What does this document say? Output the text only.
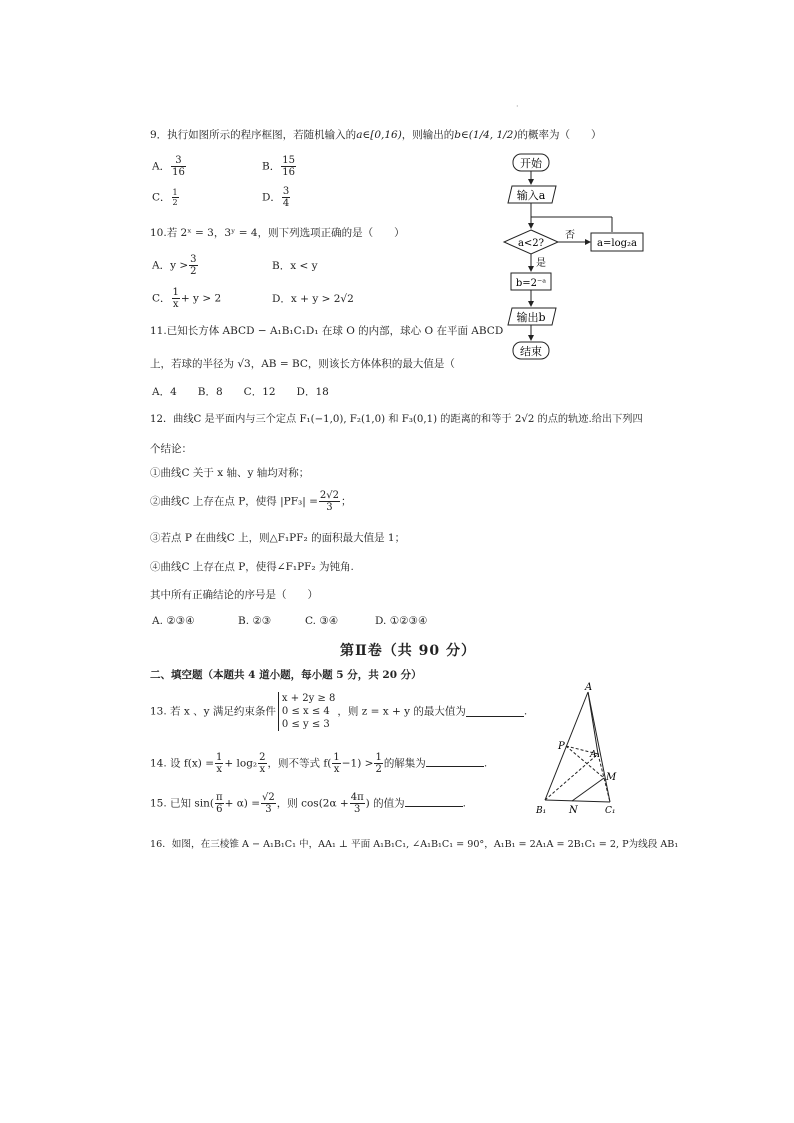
·
9．执行如图所示的程序框图，若随机输入的a∈[0,16)，则输出的b∈(1/4, 1/2)的概率为（　　）
A． $\frac{3}{16}$	B． $\frac{15}{16}$
C． $\frac{1}{2}$	D． $\frac{3}{4}$
开始
输入a
a<2?
否
a=log₂a
是
b=2⁻ᵃ
输出b
结束
10.若 2ˣ = 3，3ʸ = 4，则下列选项正确的是（　　）
A．$y > \frac{3}{2}$	B．x < y
C． $\frac{1}{x} + y > 2$	D．x + y > 2√2
11.已知长方体 ABCD − A₁B₁C₁D₁ 在球 O 的内部，球心 O 在平面 ABCD
上，若球的半径为 √3，AB = BC，则该长方体体积的最大值是（
A．4　　B．8　　C．12　　D．18
12．曲线C 是平面内与三个定点 F₁(−1,0), F₂(1,0) 和 F₃(0,1) 的距离的和等于 2√2 的点的轨迹.给出下列四
个结论：
①曲线C 关于 x 轴、y 轴均对称；
②曲线C 上存在点 P，使得 $|PF_3| = \frac{2√2}{3}$ ；
③若点 P 在曲线C 上，则△F₁PF₂ 的面积最大值是 1；
④曲线C 上存在点 P，使得∠F₁PF₂ 为钝角.
其中所有正确结论的序号是（　　）
A. ②③④	B. ②③	C. ③④	D. ①②③④
第Ⅱ卷（共 90 分）
二、填空题（本题共 4 道小题，每小题 5 分，共 20 分）
13. 若 x 、y 满足约束条件
x + 2y ≥ 8
0 ≤ x ≤ 4
0 ≤ y ≤ 3
，则 z = x + y 的最大值为	.
14. 设 $f(x) = \frac{1}{x} + \log_2 \frac{2}{x}$ ，则不等式 $f( \frac{1}{x} -1) > \frac{1}{2}$ 的解集为	.
15. 已知 $\sin( \frac{\pi}{6} + \alpha) = \frac{√2}{3}$ ，则 $\cos(2\alpha + \frac{4\pi}{3}$ ) 的值为	.
A
P
A₁
M
B₁ N	C₁
16．如图，在三棱锥 A − A₁B₁C₁ 中，AA₁ ⊥ 平面 A₁B₁C₁, ∠A₁B₁C₁ = 90°，A₁B₁ = 2A₁A = 2B₁C₁ = 2, P为线段 AB₁
